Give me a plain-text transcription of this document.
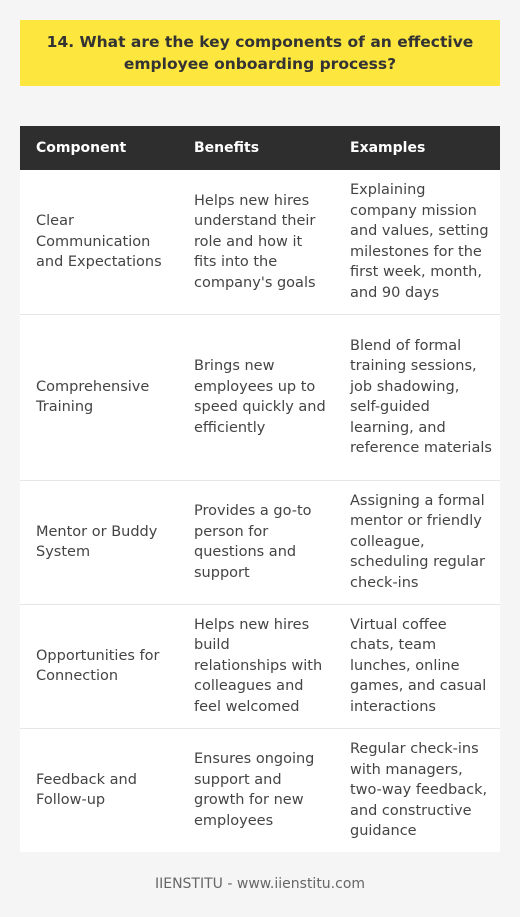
14. What are the key components of an effective employee onboarding process?
Component	Benefits	Examples
Clear Communication and Expectations	Helps new hires understand their role and how it fits into the company's goals	Explaining company mission and values, setting milestones for the first week, month, and 90 days
Comprehensive Training	Brings new employees up to speed quickly and efficiently	Blend of formal training sessions, job shadowing, self-guided learning, and reference materials
Mentor or Buddy System	Provides a go-to person for questions and support	Assigning a formal mentor or friendly colleague, scheduling regular check-ins
Opportunities for Connection	Helps new hires build relationships with colleagues and feel welcomed	Virtual coffee chats, team lunches, online games, and casual interactions
Feedback and Follow-up	Ensures ongoing support and growth for new employees	Regular check-ins with managers, two-way feedback, and constructive guidance
IIENSTITU - www.iienstitu.com
